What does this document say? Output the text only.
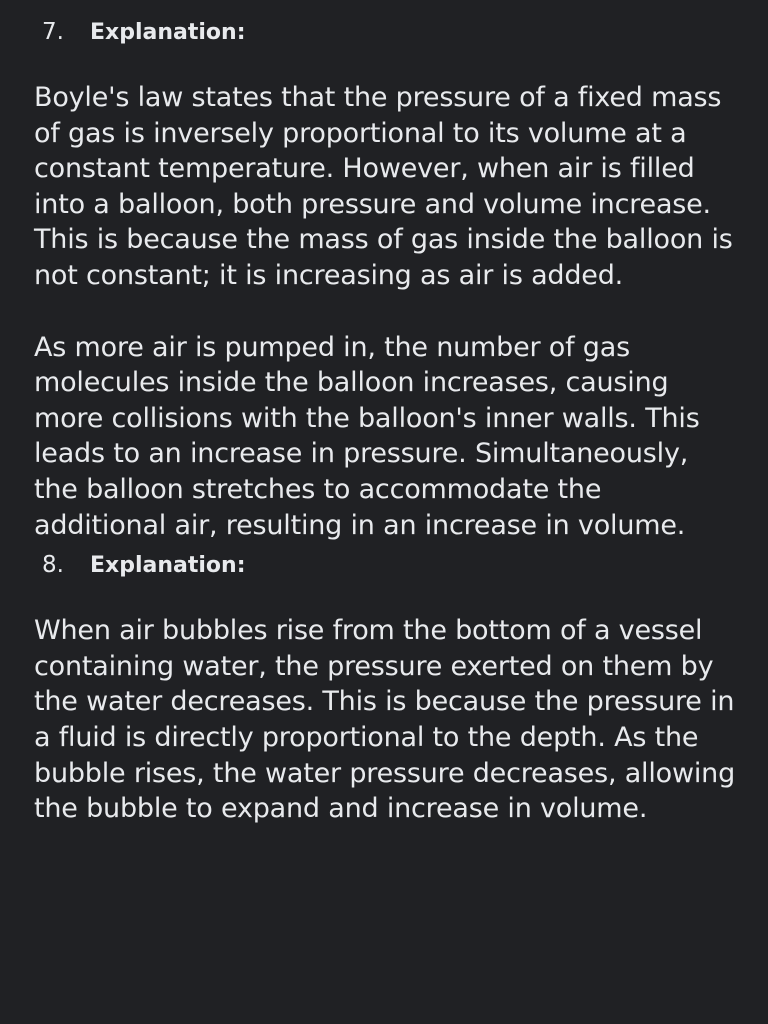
7.	Explanation:

Boyle's law states that the pressure of a fixed mass of gas is inversely proportional to its volume at a constant temperature. However, when air is filled into a balloon, both pressure and volume increase. This is because the mass of gas inside the balloon is not constant; it is increasing as air is added.

As more air is pumped in, the number of gas molecules inside the balloon increases, causing more collisions with the balloon's inner walls. This leads to an increase in pressure. Simultaneously, the balloon stretches to accommodate the additional air, resulting in an increase in volume.

8.	Explanation:

When air bubbles rise from the bottom of a vessel containing water, the pressure exerted on them by the water decreases. This is because the pressure in a fluid is directly proportional to the depth. As the bubble rises, the water pressure decreases, allowing the bubble to expand and increase in volume.
